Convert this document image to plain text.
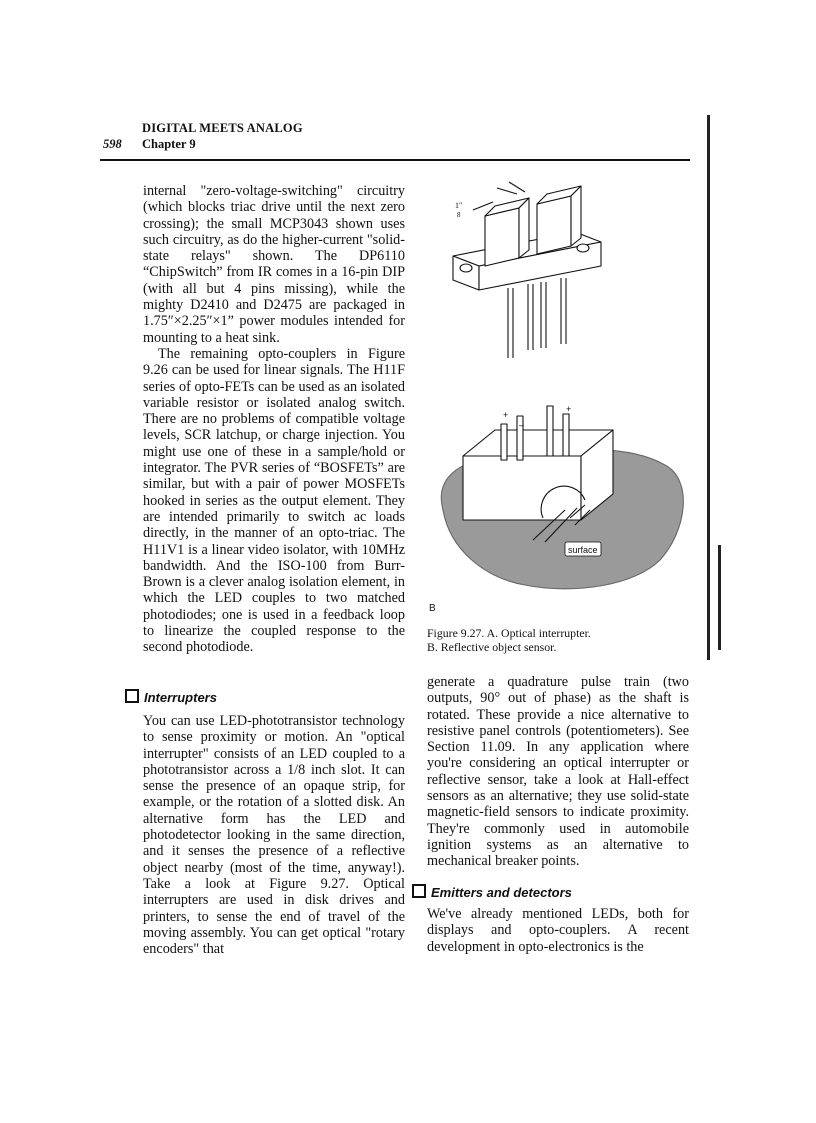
DIGITAL MEETS ANALOG
598 Chapter 9

internal "zero-voltage-switching" circuitry (which blocks triac drive until the next zero crossing); the small MCP3043 shown uses such circuitry, as do the higher-current "solid-state relays" shown. The DP6110 “ChipSwitch” from IR comes in a 16-pin DIP (with all but 4 pins missing), while the mighty D2410 and D2475 are packaged in 1.75″×2.25″×1” power modules intended for mounting to a heat sink.

The remaining opto-couplers in Figure 9.26 can be used for linear signals. The H11F series of opto-FETs can be used as an isolated variable resistor or isolated analog switch. There are no problems of compatible voltage levels, SCR latchup, or charge injection. You might use one of these in a sample/hold or integrator. The PVR series of “BOSFETs” are similar, but with a pair of power MOSFETs hooked in series as the output element. They are intended primarily to switch ac loads directly, in the manner of an opto-triac. The H11V1 is a linear video isolator, with 10MHz bandwidth. And the ISO-100 from Burr-Brown is a clever analog isolation element, in which the LED couples to two matched photodiodes; one is used in a feedback loop to linearize the coupled response to the second photodiode.

Interrupters

You can use LED-phototransistor technology to sense proximity or motion. An "optical interrupter" consists of an LED coupled to a phototransistor across a 1/8 inch slot. It can sense the presence of an opaque strip, for example, or the rotation of a slotted disk. An alternative form has the LED and photodetector looking in the same direction, and it senses the presence of a reflective object nearby (most of the time, anyway!). Take a look at Figure 9.27. Optical interrupters are used in disk drives and printers, to sense the end of travel of the moving assembly. You can get optical "rotary encoders" that

1″
8
+
–
+
surface
B
Figure 9.27. A. Optical interrupter.
B. Reflective object sensor.

generate a quadrature pulse train (two outputs, 90° out of phase) as the shaft is rotated. These provide a nice alternative to resistive panel controls (potentiometers). See Section 11.09. In any application where you're considering an optical interrupter or reflective sensor, take a look at Hall-effect sensors as an alternative; they use solid-state magnetic-field sensors to indicate proximity. They're commonly used in automobile ignition systems as an alternative to mechanical breaker points.

Emitters and detectors

We've already mentioned LEDs, both for displays and opto-couplers. A recent development in opto-electronics is the
